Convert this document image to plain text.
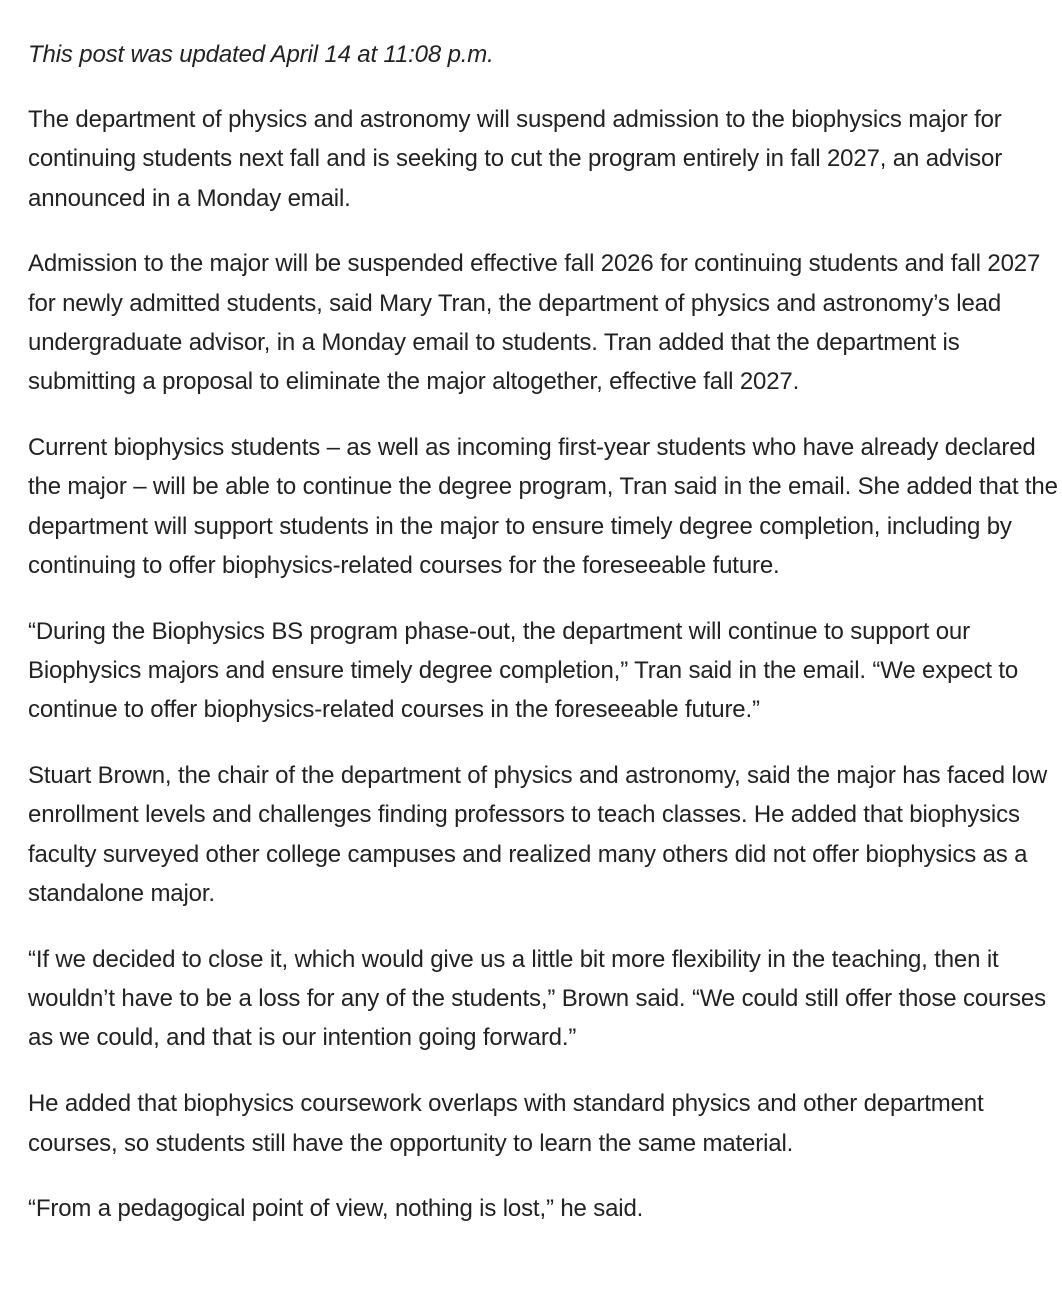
This post was updated April 14 at 11:08 p.m.

The department of physics and astronomy will suspend admission to the biophysics major for continuing students next fall and is seeking to cut the program entirely in fall 2027, an advisor announced in a Monday email.

Admission to the major will be suspended effective fall 2026 for continuing students and fall 2027 for newly admitted students, said Mary Tran, the department of physics and astronomy’s lead undergraduate advisor, in a Monday email to students. Tran added that the department is submitting a proposal to eliminate the major altogether, effective fall 2027.

Current biophysics students – as well as incoming first-year students who have already declared the major – will be able to continue the degree program, Tran said in the email. She added that the department will support students in the major to ensure timely degree completion, including by continuing to offer biophysics-related courses for the foreseeable future.

“During the Biophysics BS program phase-out, the department will continue to support our Biophysics majors and ensure timely degree completion,” Tran said in the email. “We expect to continue to offer biophysics-related courses in the foreseeable future.”

Stuart Brown, the chair of the department of physics and astronomy, said the major has faced low enrollment levels and challenges finding professors to teach classes. He added that biophysics faculty surveyed other college campuses and realized many others did not offer biophysics as a standalone major.

“If we decided to close it, which would give us a little bit more flexibility in the teaching, then it wouldn’t have to be a loss for any of the students,” Brown said. “We could still offer those courses as we could, and that is our intention going forward.”

He added that biophysics coursework overlaps with standard physics and other department courses, so students still have the opportunity to learn the same material.

“From a pedagogical point of view, nothing is lost,” he said.
